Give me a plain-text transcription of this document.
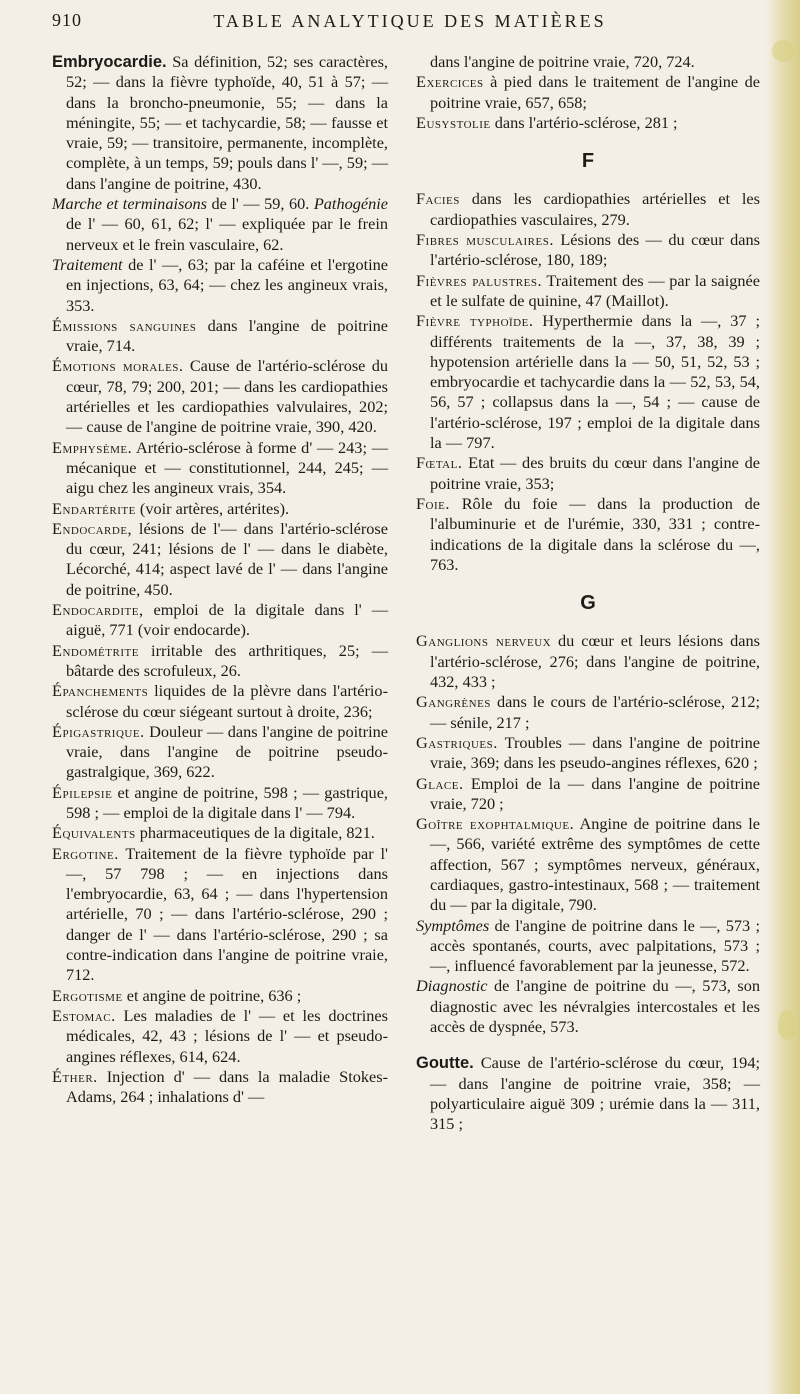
910	TABLE ANALYTIQUE DES MATIÈRES
Embryocardie. Sa définition, 52; ses caractères, 52; — dans la fièvre typhoïde, 40, 51 à 57; — dans la broncho-pneumonie, 55; — dans la méningite, 55; — et tachycardie, 58; — fausse et vraie, 59; — transitoire, permanente, incomplète, complète, à un temps, 59; pouls dans l' —, 59; — dans l'angine de poitrine, 430.
Marche et terminaisons de l' — 59, 60. Pathogénie de l' — 60, 61, 62; l' — expliquée par le frein nerveux et le frein vasculaire, 62.
Traitement de l' —, 63; par la caféine et l'ergotine en injections, 63, 64; — chez les angineux vrais, 353.
Émissions sanguines dans l'angine de poitrine vraie, 714.
Émotions morales. Cause de l'artério-sclérose du cœur, 78, 79; 200, 201; — dans les cardiopathies artérielles et les cardiopathies valvulaires, 202; — cause de l'angine de poitrine vraie, 390, 420.
Emphysème. Artério-sclérose à forme d' — 243; — mécanique et — constitutionnel, 244, 245; — aigu chez les angineux vrais, 354.
Endartérite (voir artères, artérites).
Endocarde, lésions de l'— dans l'artério-sclérose du cœur, 241; lésions de l' — dans le diabète, Lécorché, 414; aspect lavé de l' — dans l'angine de poitrine, 450.
Endocardite, emploi de la digitale dans l' — aiguë, 771 (voir endocarde).
Endométrite irritable des arthritiques, 25; — bâtarde des scrofuleux, 26.
Épanchements liquides de la plèvre dans l'artério-sclérose du cœur siégeant surtout à droite, 236;
Épigastrique. Douleur — dans l'angine de poitrine vraie, dans l'angine de poitrine pseudo-gastralgique, 369, 622.
Épilepsie et angine de poitrine, 598 ; — gastrique, 598 ; — emploi de la digitale dans l' — 794.
Équivalents pharmaceutiques de la digitale, 821.
Ergotine. Traitement de la fièvre typhoïde par l' —, 57 798 ; — en injections dans l'embryocardie, 63, 64 ; — dans l'hypertension artérielle, 70 ; — dans l'artério-sclérose, 290 ; danger de l' — dans l'artério-sclérose, 290 ; sa contre-indication dans l'angine de poitrine vraie, 712.
Ergotisme et angine de poitrine, 636 ;
Estomac. Les maladies de l' — et les doctrines médicales, 42, 43 ; lésions de l' — et pseudo-angines réflexes, 614, 624.
Éther. Injection d' — dans la maladie Stokes-Adams, 264 ; inhalations d' —
dans l'angine de poitrine vraie, 720, 724.
Exercices à pied dans le traitement de l'angine de poitrine vraie, 657, 658;
Eusystolie dans l'artério-sclérose, 281 ;
F
Facies dans les cardiopathies artérielles et les cardiopathies vasculaires, 279.
Fibres musculaires. Lésions des — du cœur dans l'artério-sclérose, 180, 189;
Fièvres palustres. Traitement des — par la saignée et le sulfate de quinine, 47 (Maillot).
Fièvre typhoïde. Hyperthermie dans la —, 37 ; différents traitements de la —, 37, 38, 39 ; hypotension artérielle dans la — 50, 51, 52, 53 ; embryocardie et tachycardie dans la — 52, 53, 54, 56, 57 ; collapsus dans la —, 54 ; — cause de l'artério-sclérose, 197 ; emploi de la digitale dans la — 797.
Fœtal. Etat — des bruits du cœur dans l'angine de poitrine vraie, 353;
Foie. Rôle du foie — dans la production de l'albuminurie et de l'urémie, 330, 331 ; contre-indications de la digitale dans la sclérose du —, 763.
G
Ganglions nerveux du cœur et leurs lésions dans l'artério-sclérose, 276; dans l'angine de poitrine, 432, 433 ;
Gangrènes dans le cours de l'artério-sclérose, 212; — sénile, 217 ;
Gastriques. Troubles — dans l'angine de poitrine vraie, 369; dans les pseudo-angines réflexes, 620 ;
Glace. Emploi de la — dans l'angine de poitrine vraie, 720 ;
Goître exophtalmique. Angine de poitrine dans le —, 566, variété extrême des symptômes de cette affection, 567 ; symptômes nerveux, généraux, cardiaques, gastro-intestinaux, 568 ; — traitement du — par la digitale, 790.
Symptômes de l'angine de poitrine dans le —, 573 ; accès spontanés, courts, avec palpitations, 573 ; —, influencé favorablement par la jeunesse, 572.
Diagnostic de l'angine de poitrine du —, 573, son diagnostic avec les névralgies intercostales et les accès de dyspnée, 573.
Goutte. Cause de l'artério-sclérose du cœur, 194; — dans l'angine de poitrine vraie, 358; — polyarticulaire aiguë 309 ; urémie dans la — 311, 315 ;
